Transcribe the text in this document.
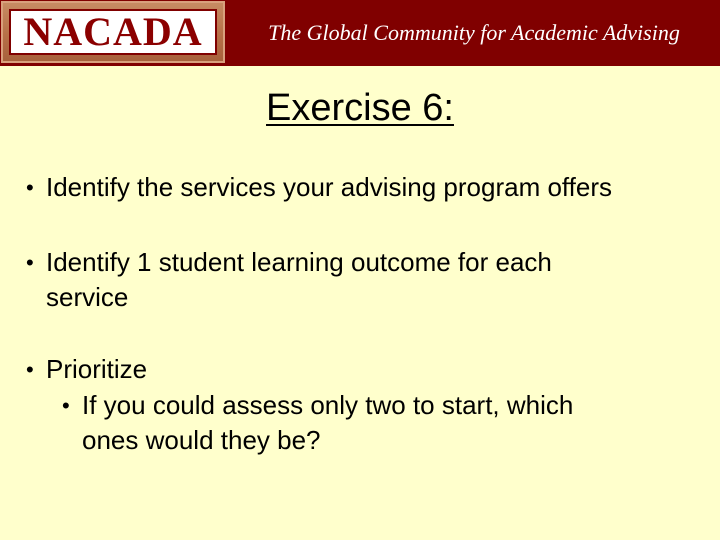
NACADA	The Global Community for Academic Advising
Exercise 6:
• Identify the services your advising program offers
• Identify 1 student learning outcome for each
service
• Prioritize
• If you could assess only two to start, which
ones would they be?
